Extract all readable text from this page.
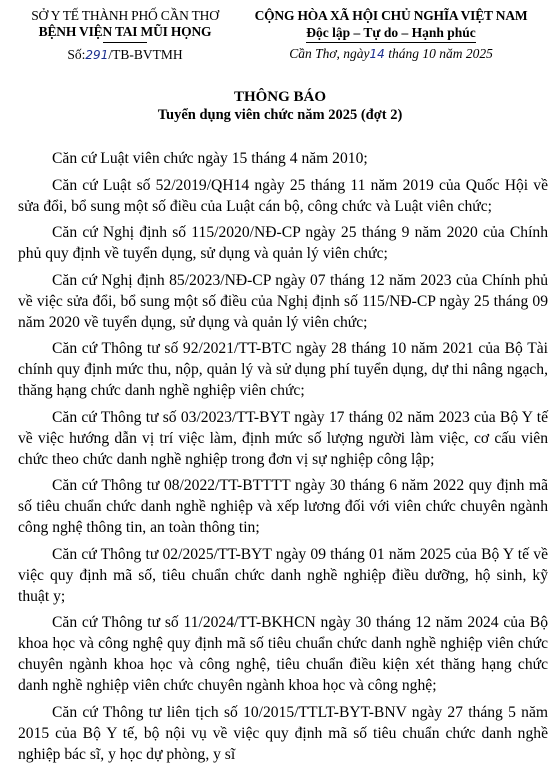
SỞ Y TẾ THÀNH PHỐ CẦN THƠ
BỆNH VIỆN TAI MŨI HỌNG
Số:291/TB-BVTMH
CỘNG HÒA XÃ HỘI CHỦ NGHĨA VIỆT NAM
Độc lập – Tự do – Hạnh phúc
Cần Thơ, ngày14 tháng 10 năm 2025
THÔNG BÁO
Tuyển dụng viên chức năm 2025 (đợt 2)

Căn cứ Luật viên chức ngày 15 tháng 4 năm 2010;

Căn cứ Luật số 52/2019/QH14 ngày 25 tháng 11 năm 2019 của Quốc Hội về sửa đổi, bổ sung một số điều của Luật cán bộ, công chức và Luật viên chức;

Căn cứ Nghị định số 115/2020/NĐ-CP ngày 25 tháng 9 năm 2020 của Chính phủ quy định về tuyển dụng, sử dụng và quản lý viên chức;

Căn cứ Nghị định 85/2023/NĐ-CP ngày 07 tháng 12 năm 2023 của Chính phủ về việc sửa đổi, bổ sung một số điều của Nghị định số 115/NĐ-CP ngày 25 tháng 09 năm 2020 về tuyển dụng, sử dụng và quản lý viên chức;

Căn cứ Thông tư số 92/2021/TT-BTC ngày 28 tháng 10 năm 2021 của Bộ Tài chính quy định mức thu, nộp, quản lý và sử dụng phí tuyển dụng, dự thi nâng ngạch, thăng hạng chức danh nghề nghiệp viên chức;

Căn cứ Thông tư số 03/2023/TT-BYT ngày 17 tháng 02 năm 2023 của Bộ Y tế về việc hướng dẫn vị trí việc làm, định mức số lượng người làm việc, cơ cấu viên chức theo chức danh nghề nghiệp trong đơn vị sự nghiệp công lập;

Căn cứ Thông tư 08/2022/TT-BTTTT ngày 30 tháng 6 năm 2022 quy định mã số tiêu chuẩn chức danh nghề nghiệp và xếp lương đối với viên chức chuyên ngành công nghệ thông tin, an toàn thông tin;

Căn cứ Thông tư 02/2025/TT-BYT ngày 09 tháng 01 năm 2025 của Bộ Y tế về việc quy định mã số, tiêu chuẩn chức danh nghề nghiệp điều dưỡng, hộ sinh, kỹ thuật y;

Căn cứ Thông tư số 11/2024/TT-BKHCN ngày 30 tháng 12 năm 2024 của Bộ khoa học và công nghệ quy định mã số tiêu chuẩn chức danh nghề nghiệp viên chức chuyên ngành khoa học và công nghệ, tiêu chuẩn điều kiện xét thăng hạng chức danh nghề nghiệp viên chức chuyên ngành khoa học và công nghệ;

Căn cứ Thông tư liên tịch số 10/2015/TTLT-BYT-BNV ngày 27 tháng 5 năm 2015 của Bộ Y tế, bộ nội vụ về việc quy định mã số tiêu chuẩn chức danh nghề nghiệp bác sĩ, y học dự phòng, y sĩ
